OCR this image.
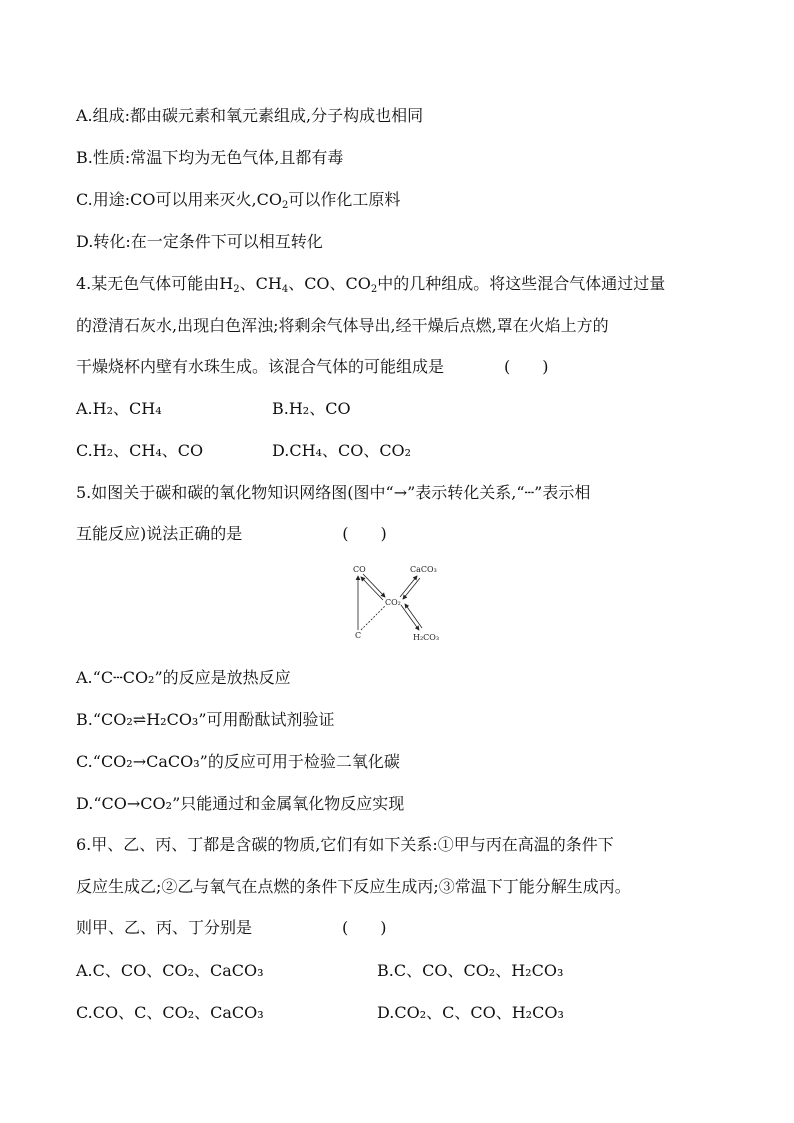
A.组成:都由碳元素和氧元素组成,分子构成也相同
B.性质:常温下均为无色气体,且都有毒
C.用途:CO可以用来灭火$,CO_2$可以作化工原料
D.转化:在一定条件下可以相互转化
4.某无色气体可能由$H_2$、$CH_4$、CO、$CO_2$中的几种组成。将这些混合气体通过过量
的澄清石灰水,出现白色浑浊;将剩余气体导出,经干燥后点燃,罩在火焰上方的
干燥烧杯内壁有水珠生成。该混合气体的可能组成是	(　　)
A.H₂、CH₄	B.H₂、CO
C.H₂、CH₄、CO	D.CH₄、CO、CO₂
5.如图关于碳和碳的氧化物知识网络图(图中“→”表示转化关系,“┄”表示相
互能反应)说法正确的是	(　　)
CO	CaCO₃
CO₂
C	H₂CO₃
A.“C┄CO₂”的反应是放热反应
B.“CO₂⇌H₂CO₃”可用酚酞试剂验证
C.“CO₂→CaCO₃”的反应可用于检验二氧化碳
D.“CO→CO₂”只能通过和金属氧化物反应实现
6.甲、乙、丙、丁都是含碳的物质,它们有如下关系:①甲与丙在高温的条件下
反应生成乙;②乙与氧气在点燃的条件下反应生成丙;③常温下丁能分解生成丙。
则甲、乙、丙、丁分别是	(　　)
A.C、CO、CO₂、CaCO₃	B.C、CO、CO₂、H₂CO₃
C.CO、C、CO₂、CaCO₃	D.CO₂、C、CO、H₂CO₃
